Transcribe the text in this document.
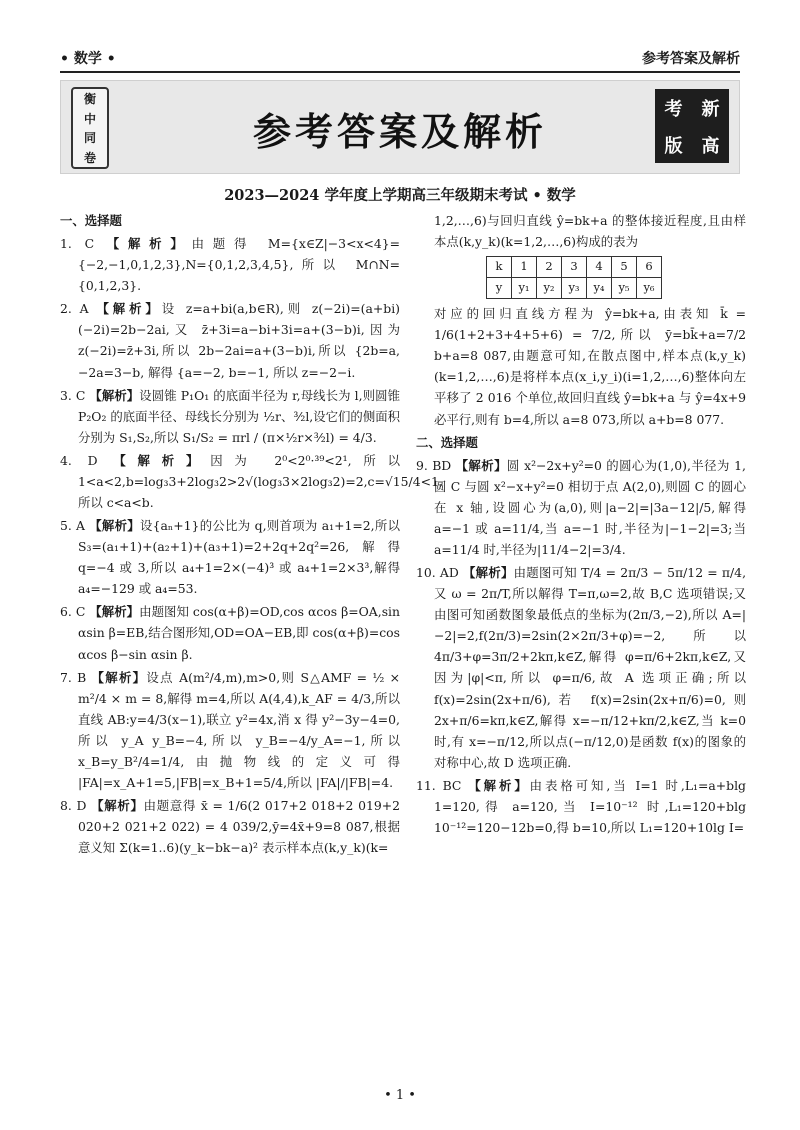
• 数学 •	参考答案及解析
衡
中
同
卷
参考答案及解析
考 新
版 高
2023—2024 学年度上学期高三年级期末考试 • 数学

一、选择题

1. C 【解析】由题得 M={x∈Z|−3<x<4}={−2,−1,0,1,2,3},N={0,1,2,3,4,5},所以 M∩N={0,1,2,3}.

2. A 【解析】设 z=a+bi(a,b∈R),则 z(−2i)=(a+bi)(−2i)=2b−2ai,又 z̄+3i=a−bi+3i=a+(3−b)i,因为 z(−2i)=z̄+3i,所以 2b−2ai=a+(3−b)i,所以 {2b=a, −2a=3−b, 解得 {a=−2, b=−1, 所以 z=−2−i.

3. C 【解析】设圆锥 P₁O₁ 的底面半径为 r,母线长为 l,则圆锥 P₂O₂ 的底面半径、母线长分别为 ½r、³⁄₂l,设它们的侧面积分别为 S₁,S₂,所以 S₁/S₂ = πrl / (π×½r×³⁄₂l) = 4/3.

4. D 【解析】因为 2⁰<2⁰·³⁹<2¹,所以 1<a<2,b=log₃3+2log₃2>2√(log₃3×2log₃2)=2,c=√15/4<1,所以 c<a<b.

5. A 【解析】设{aₙ+1}的公比为 q,则首项为 a₁+1=2,所以 S₃=(a₁+1)+(a₂+1)+(a₃+1)=2+2q+2q²=26,解得 q=−4 或 3,所以 a₄+1=2×(−4)³ 或 a₄+1=2×3³,解得 a₄=−129 或 a₄=53.

6. C 【解析】由题图知 cos(α+β)=OD,cos αcos β=OA,sin αsin β=EB,结合图形知,OD=OA−EB,即 cos(α+β)=cos αcos β−sin αsin β.

7. B 【解析】设点 A(m²/4,m),m>0,则 S△AMF = ½ × m²/4 × m = 8,解得 m=4,所以 A(4,4),k_AF = 4/3,所以直线 AB:y=4/3(x−1),联立 y²=4x,消 x 得 y²−3y−4=0,所以 y_A y_B=−4,所以 y_B=−4/y_A=−1,所以 x_B=y_B²/4=1/4,由抛物线的定义可得 |FA|=x_A+1=5,|FB|=x_B+1=5/4,所以 |FA|/|FB|=4.

8. D 【解析】由题意得 x̄ = 1/6(2 017+2 018+2 019+2 020+2 021+2 022) = 4 039/2,ȳ=4x̄+9=8 087,根据意义知 Σ(k=1..6)(y_k−bk−a)² 表示样本点(k,y_k)(k=

1,2,…,6)与回归直线 ŷ=bk+a 的整体接近程度,且由样本点(k,y_k)(k=1,2,…,6)构成的表为

k	1	2	3	4	5	6
y	y₁	y₂	y₃	y₄	y₅	y₆

对应的回归直线方程为 ŷ=bk+a,由表知 k̄ = 1/6(1+2+3+4+5+6) = 7/2,所以 ȳ=bk̄+a=7/2 b+a=8 087,由题意可知,在散点图中,样本点(k,y_k)(k=1,2,…,6)是将样本点(x_i,y_i)(i=1,2,…,6)整体向左平移了 2 016 个单位,故回归直线 ŷ=bk+a 与 ŷ=4x+9 必平行,则有 b=4,所以 a=8 073,所以 a+b=8 077.

二、选择题

9. BD 【解析】圆 x²−2x+y²=0 的圆心为(1,0),半径为 1,圆 C 与圆 x²−x+y²=0 相切于点 A(2,0),则圆 C 的圆心在 x 轴,设圆心为(a,0),则|a−2|=|3a−12|/5,解得 a=−1 或 a=11/4,当 a=−1 时,半径为|−1−2|=3;当 a=11/4 时,半径为|11/4−2|=3/4.

10. AD 【解析】由题图可知 T/4 = 2π/3 − 5π/12 = π/4,又 ω = 2π/T,所以解得 T=π,ω=2,故 B,C 选项错误;又由图可知函数图象最低点的坐标为(2π/3,−2),所以 A=|−2|=2,f(2π/3)=2sin(2×2π/3+φ)=−2,所以 4π/3+φ=3π/2+2kπ,k∈Z,解得 φ=π/6+2kπ,k∈Z,又因为|φ|<π,所以 φ=π/6,故 A 选项正确;所以 f(x)=2sin(2x+π/6),若 f(x)=2sin(2x+π/6)=0,则 2x+π/6=kπ,k∈Z,解得 x=−π/12+kπ/2,k∈Z,当 k=0 时,有 x=−π/12,所以点(−π/12,0)是函数 f(x)的图象的对称中心,故 D 选项正确.

11. BC 【解析】由表格可知,当 I=1 时,L₁=a+blg 1=120,得 a=120,当 I=10⁻¹² 时,L₁=120+blg 10⁻¹²=120−12b=0,得 b=10,所以 L₁=120+10lg I=

• 1 •
